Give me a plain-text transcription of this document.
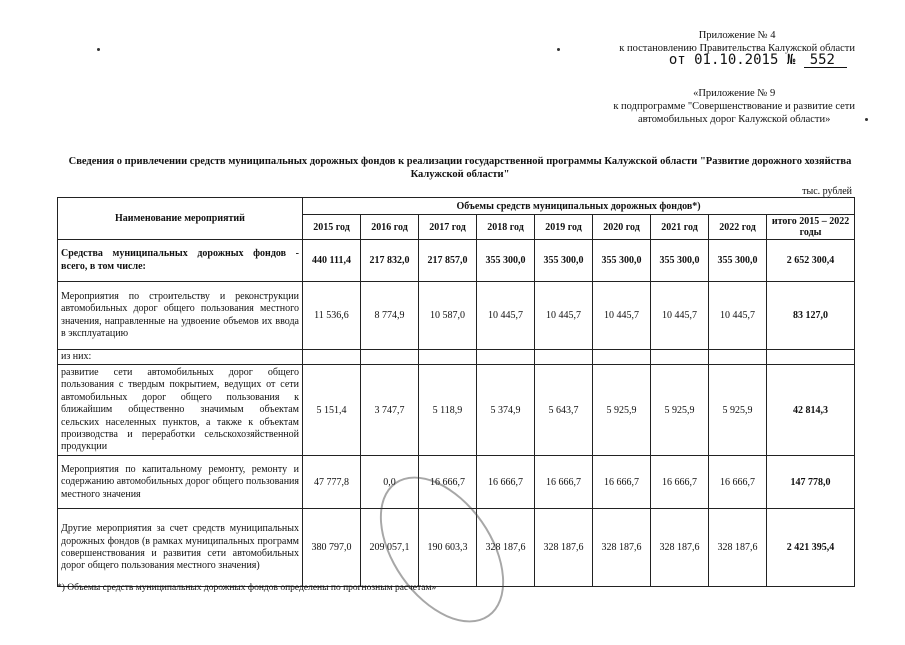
Приложение № 4
к постановлению Правительства Калужской области
от 01.10.2015 № 552
«Приложение № 9
к подпрограмме "Совершенствование и развитие сети
автомобильных дорог Калужской области»
Сведения о привлечении средств муниципальных дорожных фондов к реализации государственной программы Калужской области "Развитие дорожного хозяйства Калужской области"
тыс. рублей
Наименование мероприятий	Объемы средств муниципальных дорожных фондов*)								
	2015 год	2016 год	2017 год	2018 год	2019 год	2020 год	2021 год	2022 год	итого 2015 – 2022 годы
Средства муниципальных дорожных фондов - всего, в том числе:	440 111,4	217 832,0	217 857,0	355 300,0	355 300,0	355 300,0	355 300,0	355 300,0	2 652 300,4
Мероприятия по строительству и реконструкции автомобильных дорог общего пользования местного значения, направленные на удвоение объемов их ввода в эксплуатацию	11 536,6	8 774,9	10 587,0	10 445,7	10 445,7	10 445,7	10 445,7	10 445,7	83 127,0
из них:									
развитие сети автомобильных дорог общего пользования с твердым покрытием, ведущих от сети автомобильных дорог общего пользования к ближайшим общественно значимым объектам сельских населенных пунктов, а также к объектам производства и переработки сельскохозяйственной продукции	5 151,4	3 747,7	5 118,9	5 374,9	5 643,7	5 925,9	5 925,9	5 925,9	42 814,3
Мероприятия по капитальному ремонту, ремонту и содержанию автомобильных дорог общего пользования местного значения	47 777,8	0,0	16 666,7	16 666,7	16 666,7	16 666,7	16 666,7	16 666,7	147 778,0
Другие мероприятия за счет средств муниципальных дорожных фондов (в рамках муниципальных программ совершенствования и развития сети автомобильных дорог общего пользования местного значения)	380 797,0	209 057,1	190 603,3	328 187,6	328 187,6	328 187,6	328 187,6	328 187,6	2 421 395,4
*) Объемы средств муниципальных дорожных фондов определены по прогнозным расчетам»
